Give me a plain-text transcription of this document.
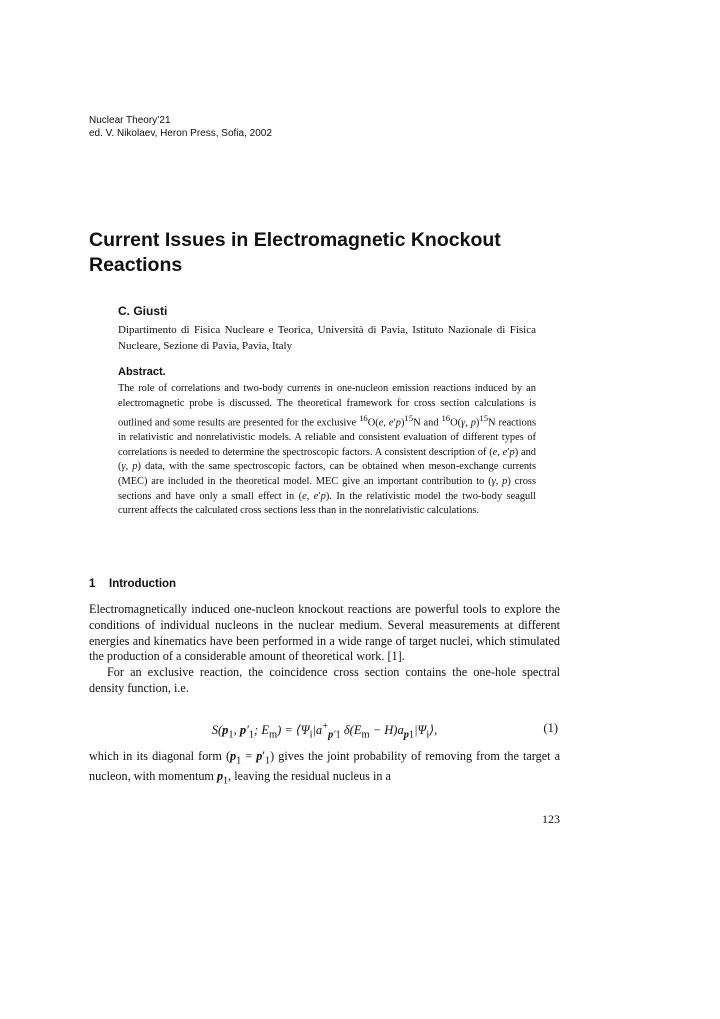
Nuclear Theory’21
ed. V. Nikolaev, Heron Press, Sofia, 2002
Current Issues in Electromagnetic Knockout Reactions
C. Giusti
Dipartimento di Fisica Nucleare e Teorica, Università di Pavia, Istituto Nazionale di Fisica Nucleare, Sezione di Pavia, Pavia, Italy
Abstract.
The role of correlations and two-body currents in one-nucleon emission reactions induced by an electromagnetic probe is discussed. The theoretical framework for cross section calculations is outlined and some results are presented for the exclusive $^{16}$O(e, e′p)$^{15}$N and $^{16}$O(γ, p)$^{15}$N reactions in relativistic and nonrelativistic models. A reliable and consistent evaluation of different types of correlations is needed to determine the spectroscopic factors. A consistent description of (e, e′p) and (γ, p) data, with the same spectroscopic factors, can be obtained when meson-exchange currents (MEC) are included in the theoretical model. MEC give an important contribution to (γ, p) cross sections and have only a small effect in (e, e′p). In the relativistic model the two-body seagull current affects the calculated cross sections less than in the nonrelativistic calculations.
1 Introduction

Electromagnetically induced one-nucleon knockout reactions are powerful tools to explore the conditions of individual nucleons in the nuclear medium. Several measurements at different energies and kinematics have been performed in a wide range of target nuclei, which stimulated the production of a considerable amount of theoretical work. [1].

For an exclusive reaction, the coincidence cross section contains the one-hole spectral density function, i.e.

$S(p_1$, $p'_1$; $E_m$) = $⟨\Psi_i|a^+_{p'1}$ $\delta(E_m$ − $H)a_{p1}|\Psi_i⟩$,	(1)

which in its diagonal form $(p_1 = p'_1)$ gives the joint probability of removing from the target a nucleon, with momentum $p_1$, leaving the residual nucleus in a

123
